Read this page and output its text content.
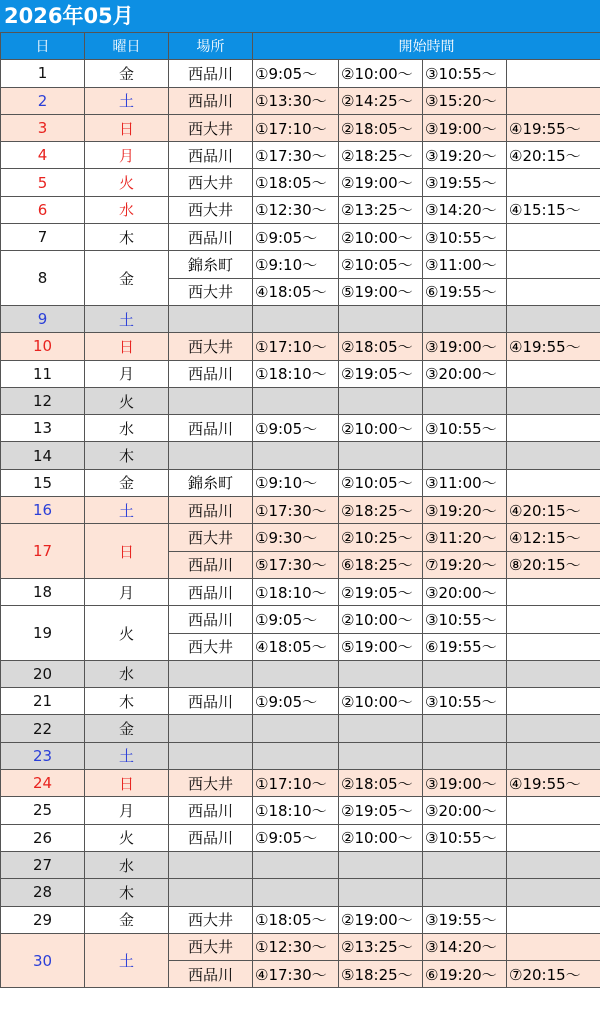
2026年05月
日	曜日	場所	開始時間			
1	金	西品川	①9:05～	②10:00～	③10:55～	
2	土	西品川	①13:30～	②14:25～	③15:20～	
3	日	西大井	①17:10～	②18:05～	③19:00～	④19:55～
4	月	西品川	①17:30～	②18:25～	③19:20～	④20:15～
5	火	西大井	①18:05～	②19:00～	③19:55～	
6	水	西大井	①12:30～	②13:25～	③14:20～	④15:15～
7	木	西品川	①9:05～	②10:00～	③10:55～	
8	金	錦糸町	①9:10～	②10:05～	③11:00～	
		西大井	④18:05～	⑤19:00～	⑥19:55～	
9	土					
10	日	西大井	①17:10～	②18:05～	③19:00～	④19:55～
11	月	西品川	①18:10～	②19:05～	③20:00～	
12	火					
13	水	西品川	①9:05～	②10:00～	③10:55～	
14	木					
15	金	錦糸町	①9:10～	②10:05～	③11:00～	
16	土	西品川	①17:30～	②18:25～	③19:20～	④20:15～
17	日	西大井	①9:30～	②10:25～	③11:20～	④12:15～
		西品川	⑤17:30～	⑥18:25～	⑦19:20～	⑧20:15～
18	月	西品川	①18:10～	②19:05～	③20:00～	
19	火	西品川	①9:05～	②10:00～	③10:55～	
		西大井	④18:05～	⑤19:00～	⑥19:55～	
20	水					
21	木	西品川	①9:05～	②10:00～	③10:55～	
22	金					
23	土					
24	日	西大井	①17:10～	②18:05～	③19:00～	④19:55～
25	月	西品川	①18:10～	②19:05～	③20:00～	
26	火	西品川	①9:05～	②10:00～	③10:55～	
27	水					
28	木					
29	金	西大井	①18:05～	②19:00～	③19:55～	
30	土	西大井	①12:30～	②13:25～	③14:20～	
		西品川	④17:30～	⑤18:25～	⑥19:20～	⑦20:15～
